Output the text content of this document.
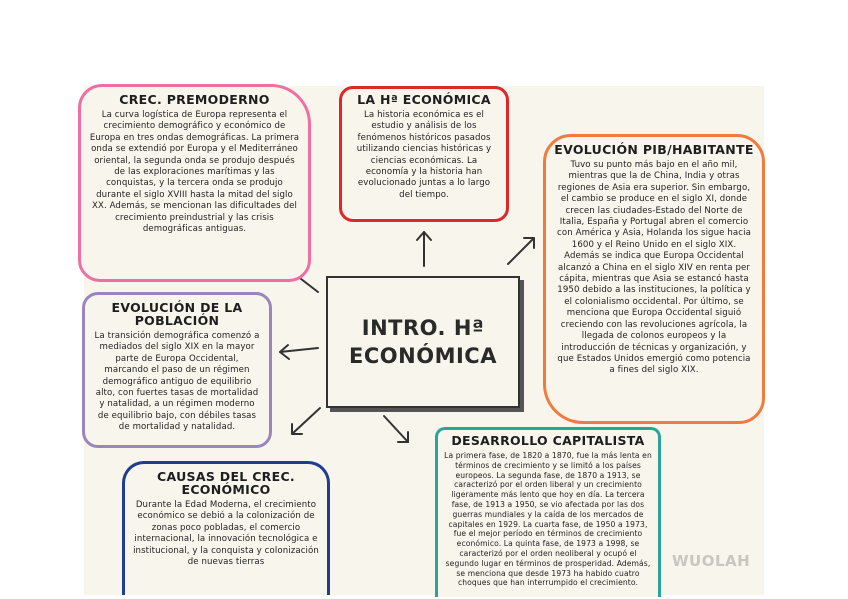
CREC. PREMODERNO

La curva logística de Europa representa el crecimiento demográfico y económico de Europa en tres ondas demográficas. La primera onda se extendió por Europa y el Mediterráneo oriental, la segunda onda se produjo después de las exploraciones marítimas y las conquistas, y la tercera onda se produjo durante el siglo XVIII hasta la mitad del siglo XX. Además, se mencionan las dificultades del crecimiento preindustrial y las crisis demográficas antiguas.

LA Hª ECONÓMICA

La historia económica es el estudio y análisis de los fenómenos históricos pasados utilizando ciencias históricas y ciencias económicas. La economía y la historia han evolucionado juntas a lo largo del tiempo.

EVOLUCIÓN PIB/HABITANTE

Tuvo su punto más bajo en el año mil, mientras que la de China, India y otras regiones de Asia era superior. Sin embargo, el cambio se produce en el siglo XI, donde crecen las ciudades-Estado del Norte de Italia, España y Portugal abren el comercio con América y Asia, Holanda los sigue hacia 1600 y el Reino Unido en el siglo XIX. Además se indica que Europa Occidental alcanzó a China en el siglo XIV en renta per cápita, mientras que Asia se estancó hasta 1950 debido a las instituciones, la política y el colonialismo occidental. Por último, se menciona que Europa Occidental siguió creciendo con las revoluciones agrícola, la llegada de colonos europeos y la introducción de técnicas y organización, y que Estados Unidos emergió como potencia a fines del siglo XIX.

EVOLUCIÓN DE LA POBLACIÓN

La transición demográfica comenzó a mediados del siglo XIX en la mayor parte de Europa Occidental, marcando el paso de un régimen demográfico antiguo de equilibrio alto, con fuertes tasas de mortalidad y natalidad, a un régimen moderno de equilibrio bajo, con débiles tasas de mortalidad y natalidad.

CAUSAS DEL CREC. ECONÓMICO

Durante la Edad Moderna, el crecimiento económico se debió a la colonización de zonas poco pobladas, el comercio internacional, la innovación tecnológica e institucional, y la conquista y colonización de nuevas tierras

DESARROLLO CAPITALISTA

La primera fase, de 1820 a 1870, fue la más lenta en términos de crecimiento y se limitó a los países europeos. La segunda fase, de 1870 a 1913, se caracterizó por el orden liberal y un crecimiento ligeramente más lento que hoy en día. La tercera fase, de 1913 a 1950, se vio afectada por las dos guerras mundiales y la caída de los mercados de capitales en 1929. La cuarta fase, de 1950 a 1973, fue el mejor período en términos de crecimiento económico. La quinta fase, de 1973 a 1998, se caracterizó por el orden neoliberal y ocupó el segundo lugar en términos de prosperidad. Además, se menciona que desde 1973 ha habido cuatro choques que han interrumpido el crecimiento.

INTRO. Hª ECONÓMICA
WUOLAH
